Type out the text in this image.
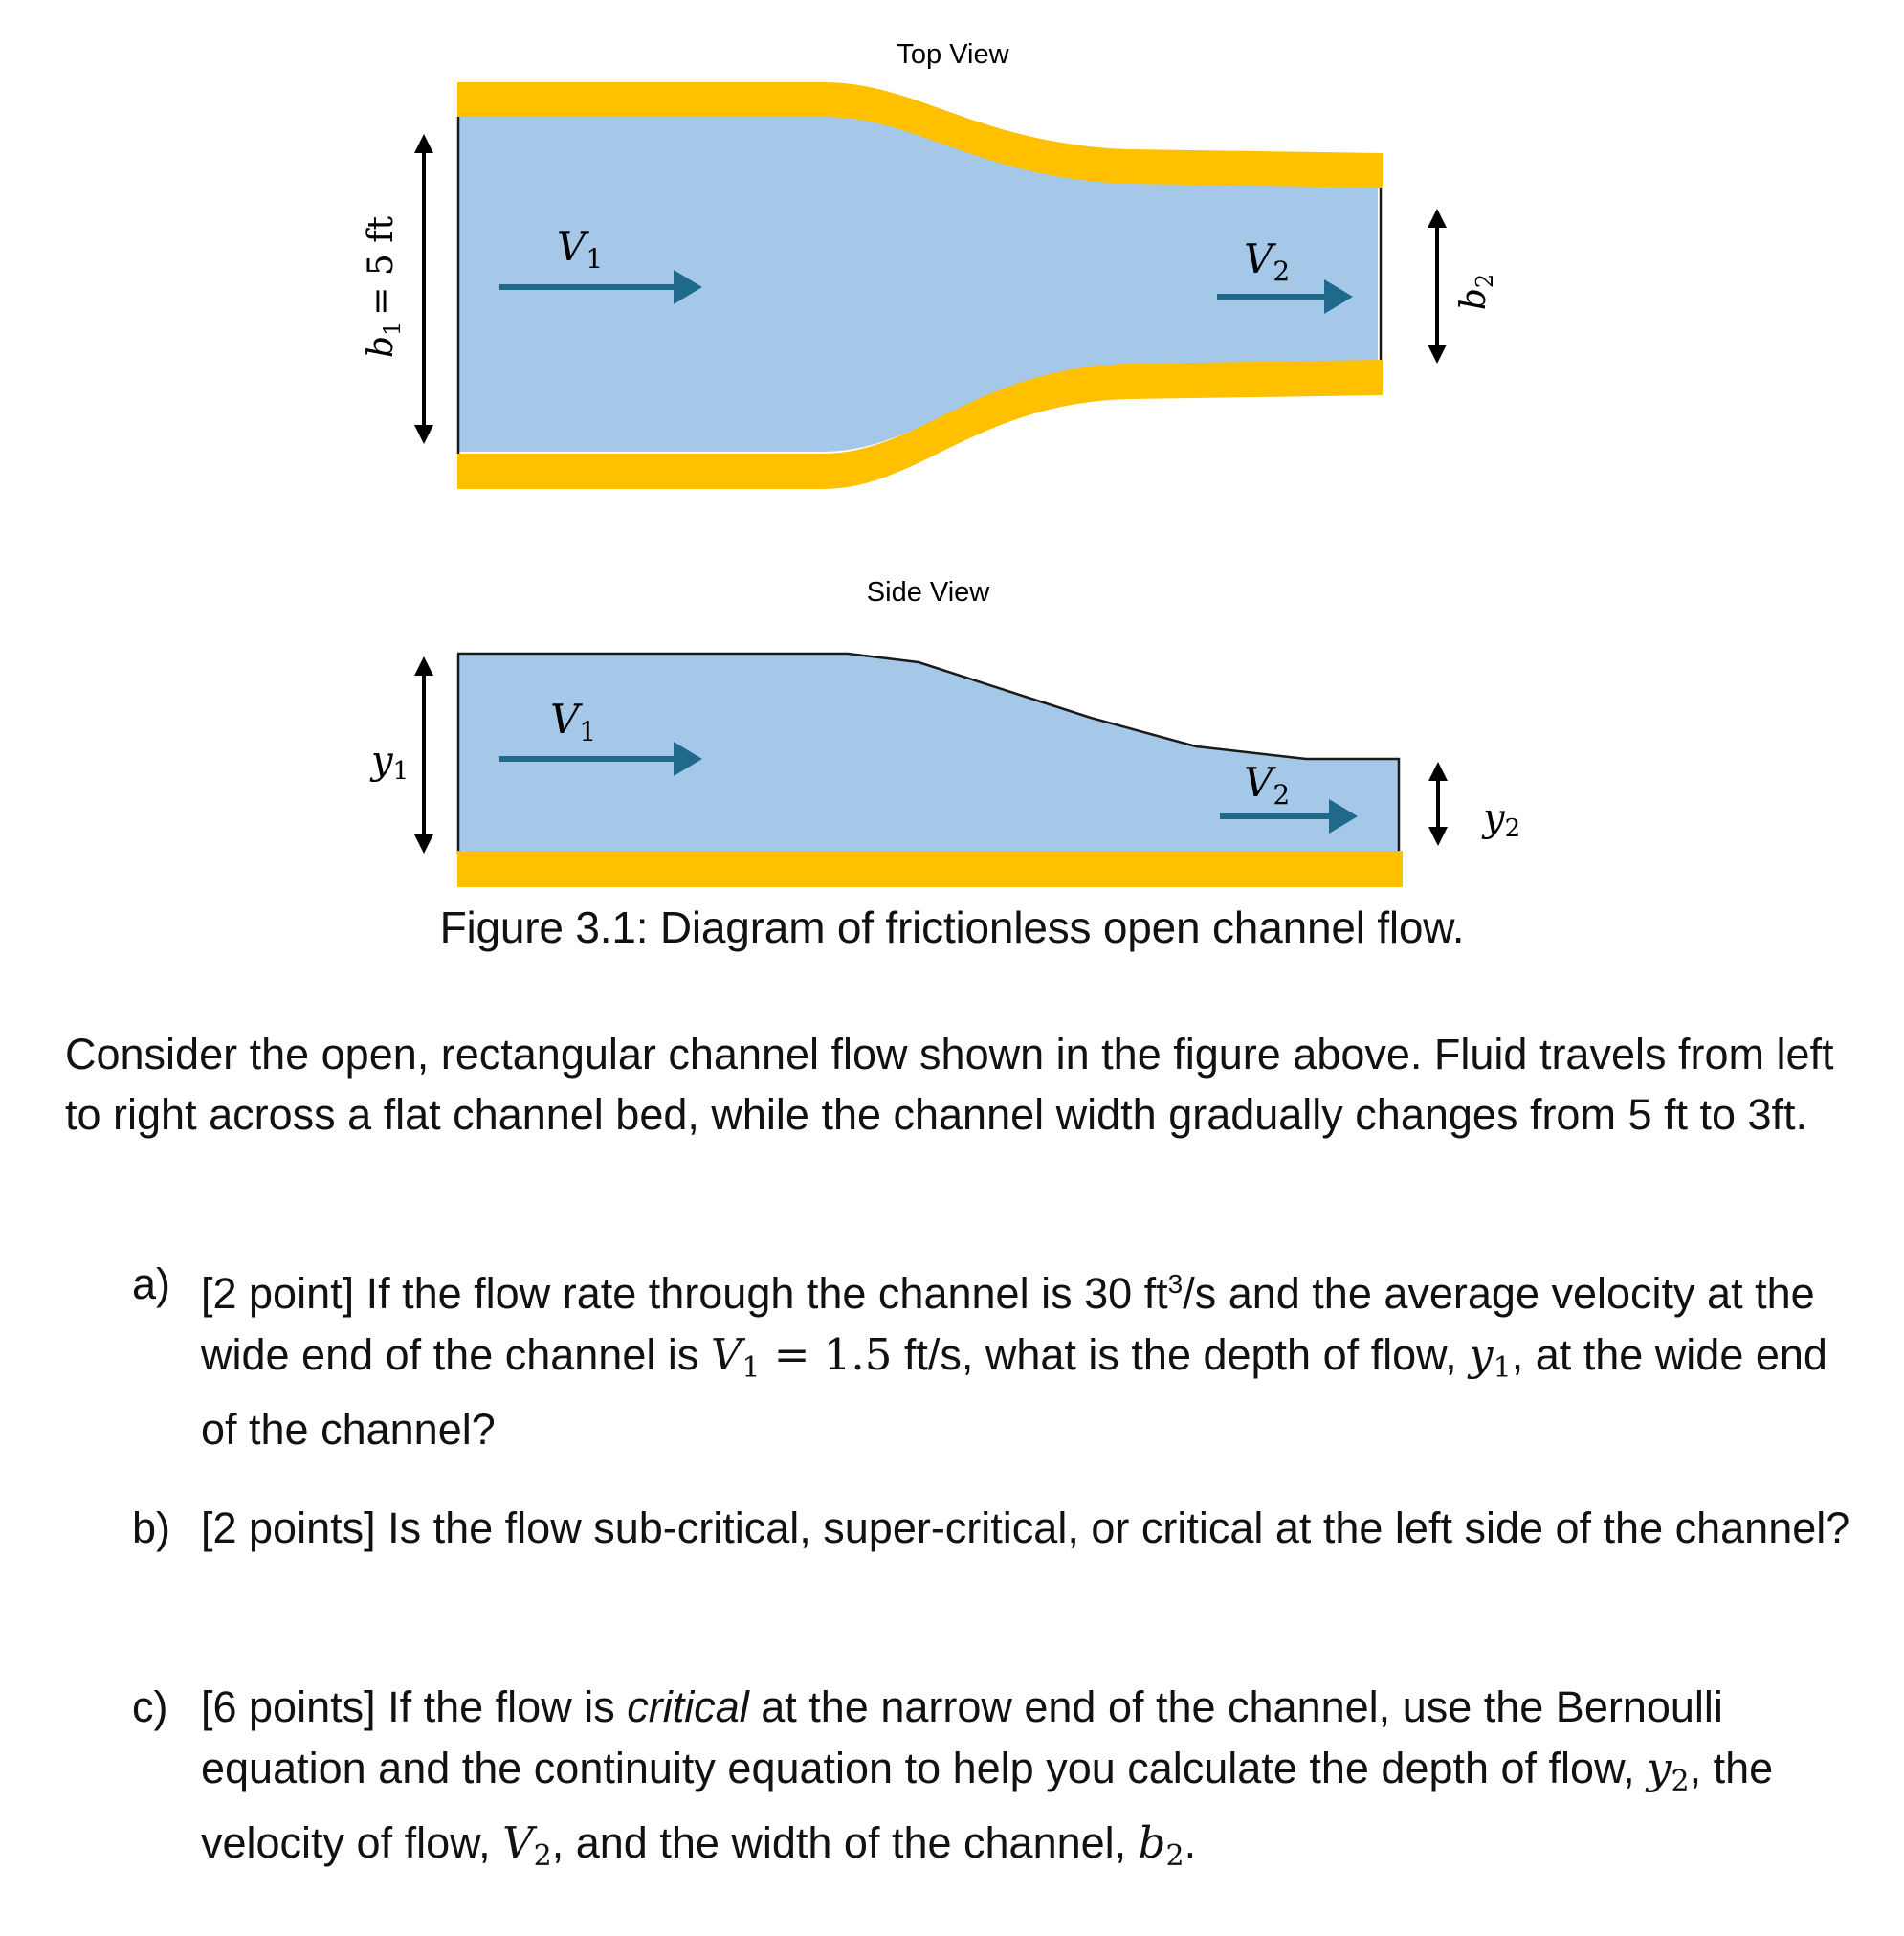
Top View
V1	V2
$b_1= 5$ ft	$b_2$
Side View
V1
V2
y1
y2
Figure 3.1: Diagram of frictionless open channel flow.

Consider the open, rectangular channel flow shown in the figure above. Fluid travels from left to right across a flat channel bed, while the channel width gradually changes from 5 ft to 3ft.

a) [2 point] If the flow rate through the channel is 30 $ft^3/s$ and the average velocity at the wide end of the channel is V1 = 1.5 ft/s, what is the depth of flow, y1, at the wide end of the channel?
b) [2 points] Is the flow sub-critical, super-critical, or critical at the left side of the channel?
c) [6 points] If the flow is critical at the narrow end of the channel, use the Bernoulli equation and the continuity equation to help you calculate the depth of flow, y2, the velocity of flow, V2, and the width of the channel, b2.
